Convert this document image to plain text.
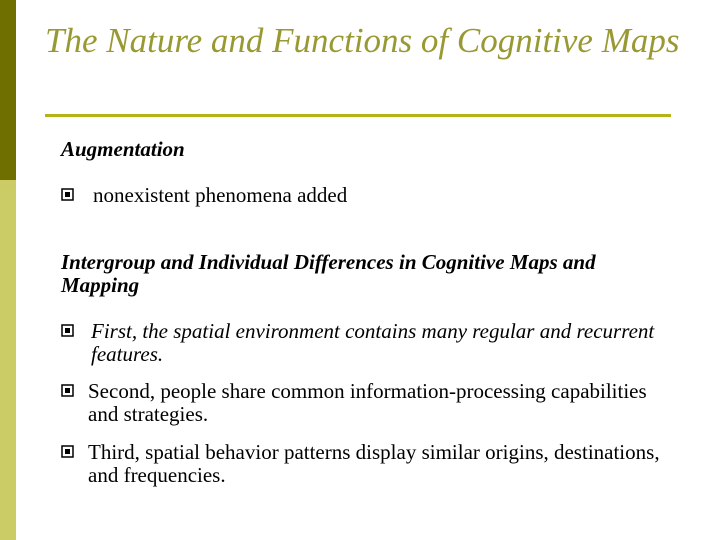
The Nature and Functions of Cognitive Maps
Augmentation
nonexistent phenomena added
Intergroup and Individual Differences in Cognitive Maps and Mapping
First, the spatial environment contains many regular and recurrent features.
Second, people share common information-processing capabilities and strategies.
Third, spatial behavior patterns display similar origins, destinations, and frequencies.
